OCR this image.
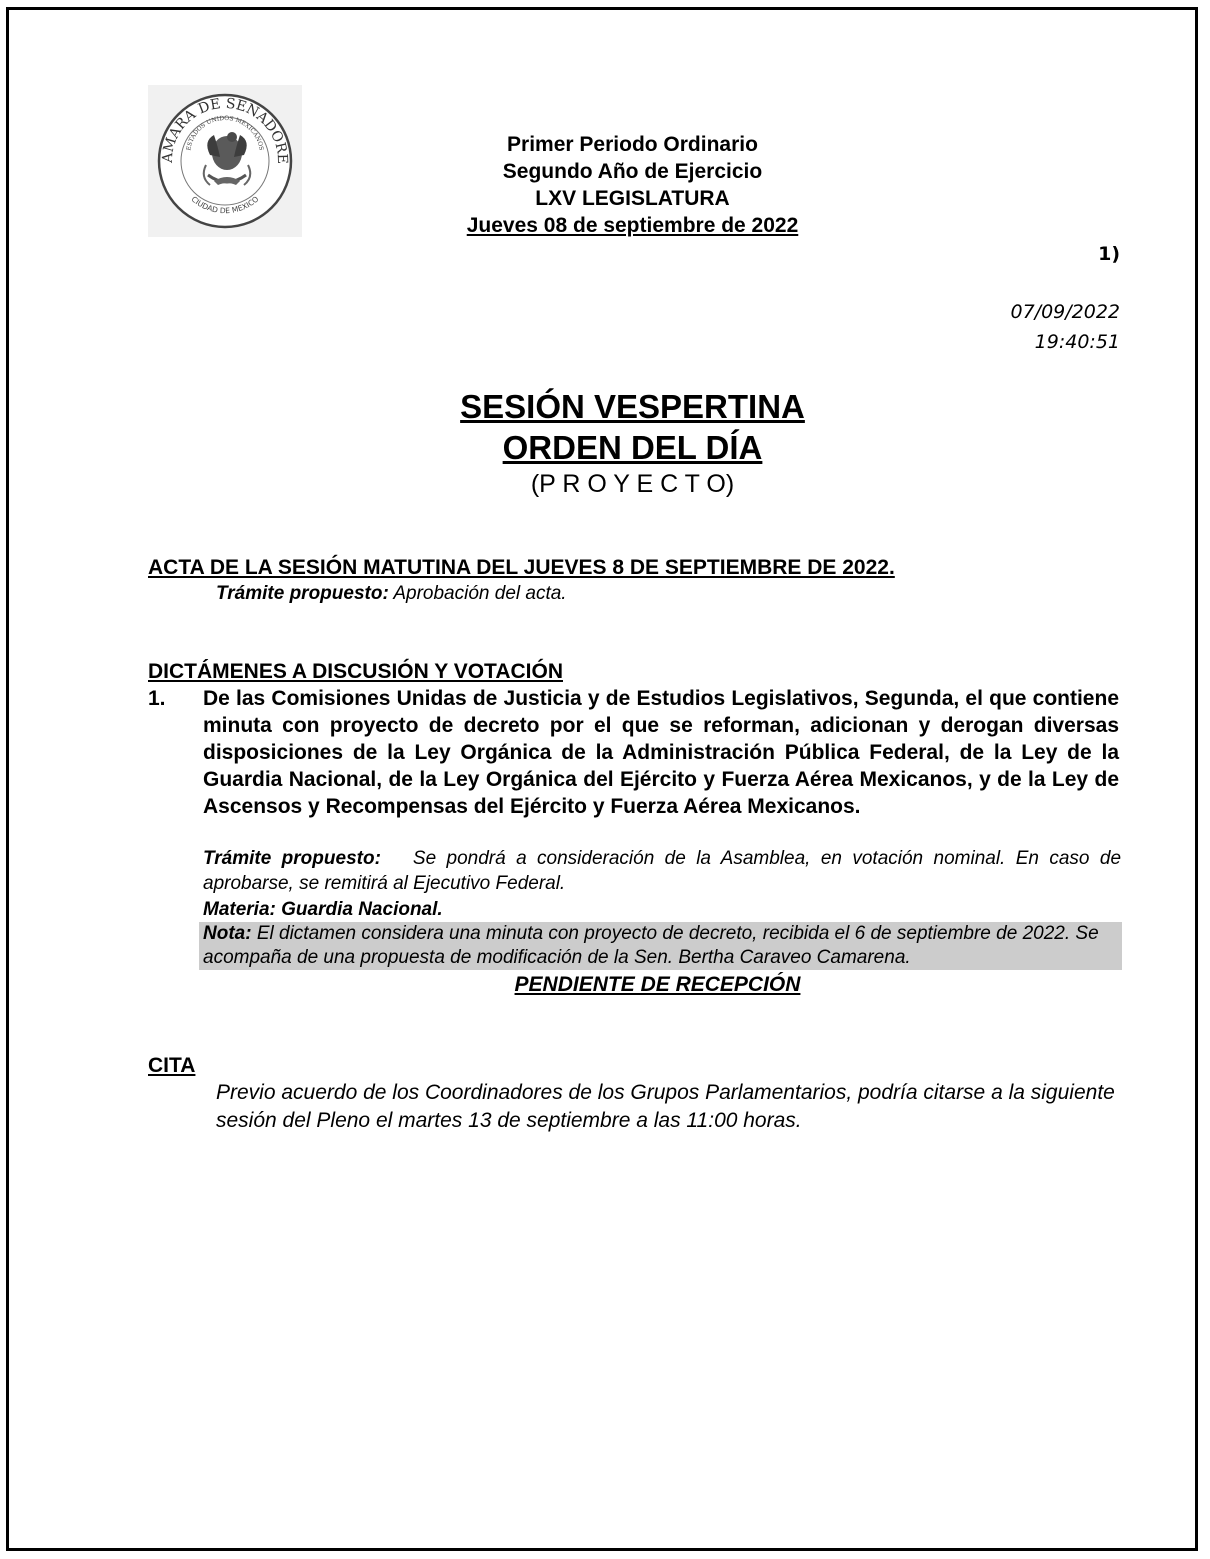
AMARA DE SENADORE
ESTADOS UNIDOS MEXICANOS
CIUDAD DE MEXICO
Primer Periodo Ordinario
Segundo Año de Ejercicio
LXV LEGISLATURA
Jueves 08 de septiembre de 2022
1)
07/09/2022
19:40:51
SESIÓN VESPERTINA
ORDEN DEL DÍA
(P R O Y E C T O)
ACTA DE LA SESIÓN MATUTINA DEL JUEVES 8 DE SEPTIEMBRE DE 2022.
Trámite propuesto: Aprobación del acta.
DICTÁMENES A DISCUSIÓN Y VOTACIÓN
1. De las Comisiones Unidas de Justicia y de Estudios Legislativos, Segunda, el que contiene minuta con proyecto de decreto por el que se reforman, adicionan y derogan diversas disposiciones de la Ley Orgánica de la Administración Pública Federal, de la Ley de la Guardia Nacional, de la Ley Orgánica del Ejército y Fuerza Aérea Mexicanos, y de la Ley de Ascensos y Recompensas del Ejército y Fuerza Aérea Mexicanos.
Trámite propuesto: Se pondrá a consideración de la Asamblea, en votación nominal. En caso de aprobarse, se remitirá al Ejecutivo Federal.
Materia: Guardia Nacional.
Nota: El dictamen considera una minuta con proyecto de decreto, recibida el 6 de septiembre de 2022. Se acompaña de una propuesta de modificación de la Sen. Bertha Caraveo Camarena.
PENDIENTE DE RECEPCIÓN
CITA
Previo acuerdo de los Coordinadores de los Grupos Parlamentarios, podría citarse a la siguiente sesión del Pleno el martes 13 de septiembre a las 11:00 horas.
